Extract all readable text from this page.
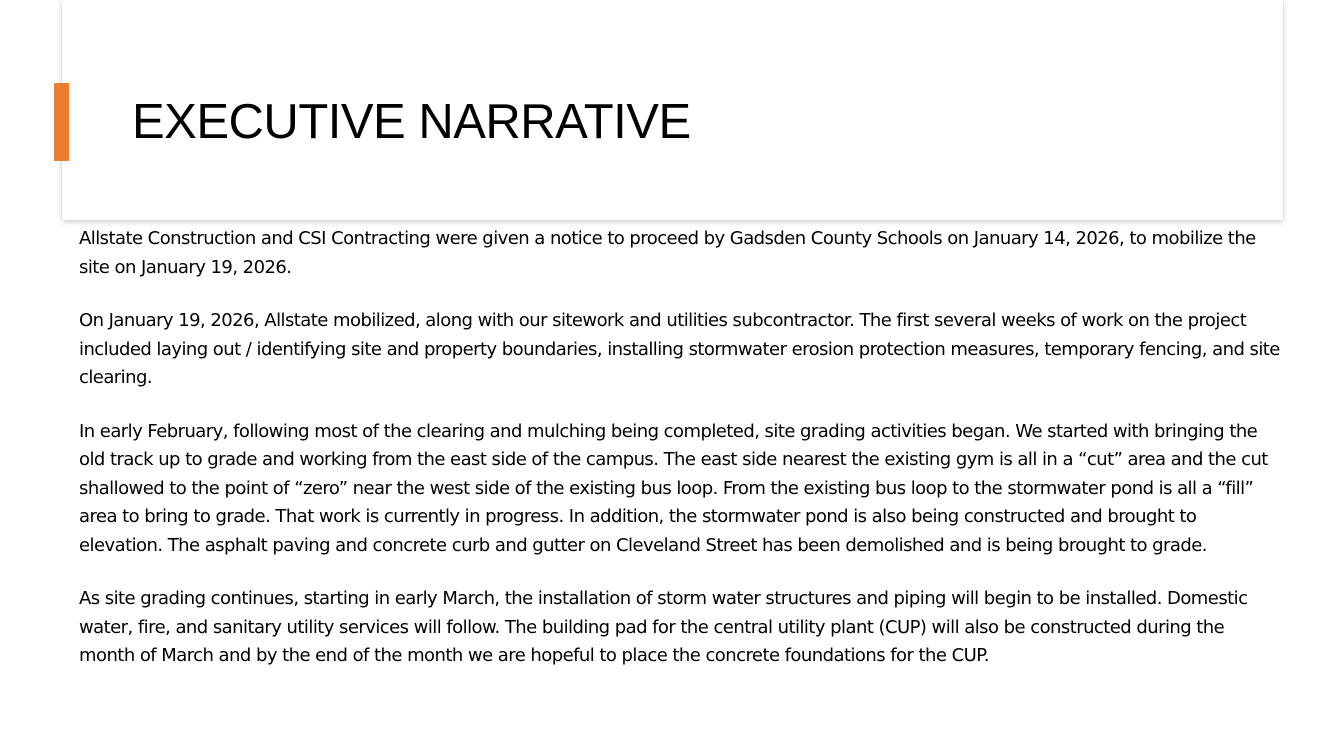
EXECUTIVE NARRATIVE

Allstate Construction and CSI Contracting were given a notice to proceed by Gadsden County Schools on January 14, 2026, to mobilize the site on January 19, 2026.

On January 19, 2026, Allstate mobilized, along with our sitework and utilities subcontractor. The first several weeks of work on the project included laying out / identifying site and property boundaries, installing stormwater erosion protection measures, temporary fencing, and site clearing.

In early February, following most of the clearing and mulching being completed, site grading activities began. We started with bringing the old track up to grade and working from the east side of the campus. The east side nearest the existing gym is all in a “cut” area and the cut shallowed to the point of “zero” near the west side of the existing bus loop. From the existing bus loop to the stormwater pond is all a “fill” area to bring to grade. That work is currently in progress. In addition, the stormwater pond is also being constructed and brought to elevation. The asphalt paving and concrete curb and gutter on Cleveland Street has been demolished and is being brought to grade.

As site grading continues, starting in early March, the installation of storm water structures and piping will begin to be installed. Domestic water, fire, and sanitary utility services will follow. The building pad for the central utility plant (CUP) will also be constructed during the month of March and by the end of the month we are hopeful to place the concrete foundations for the CUP.
